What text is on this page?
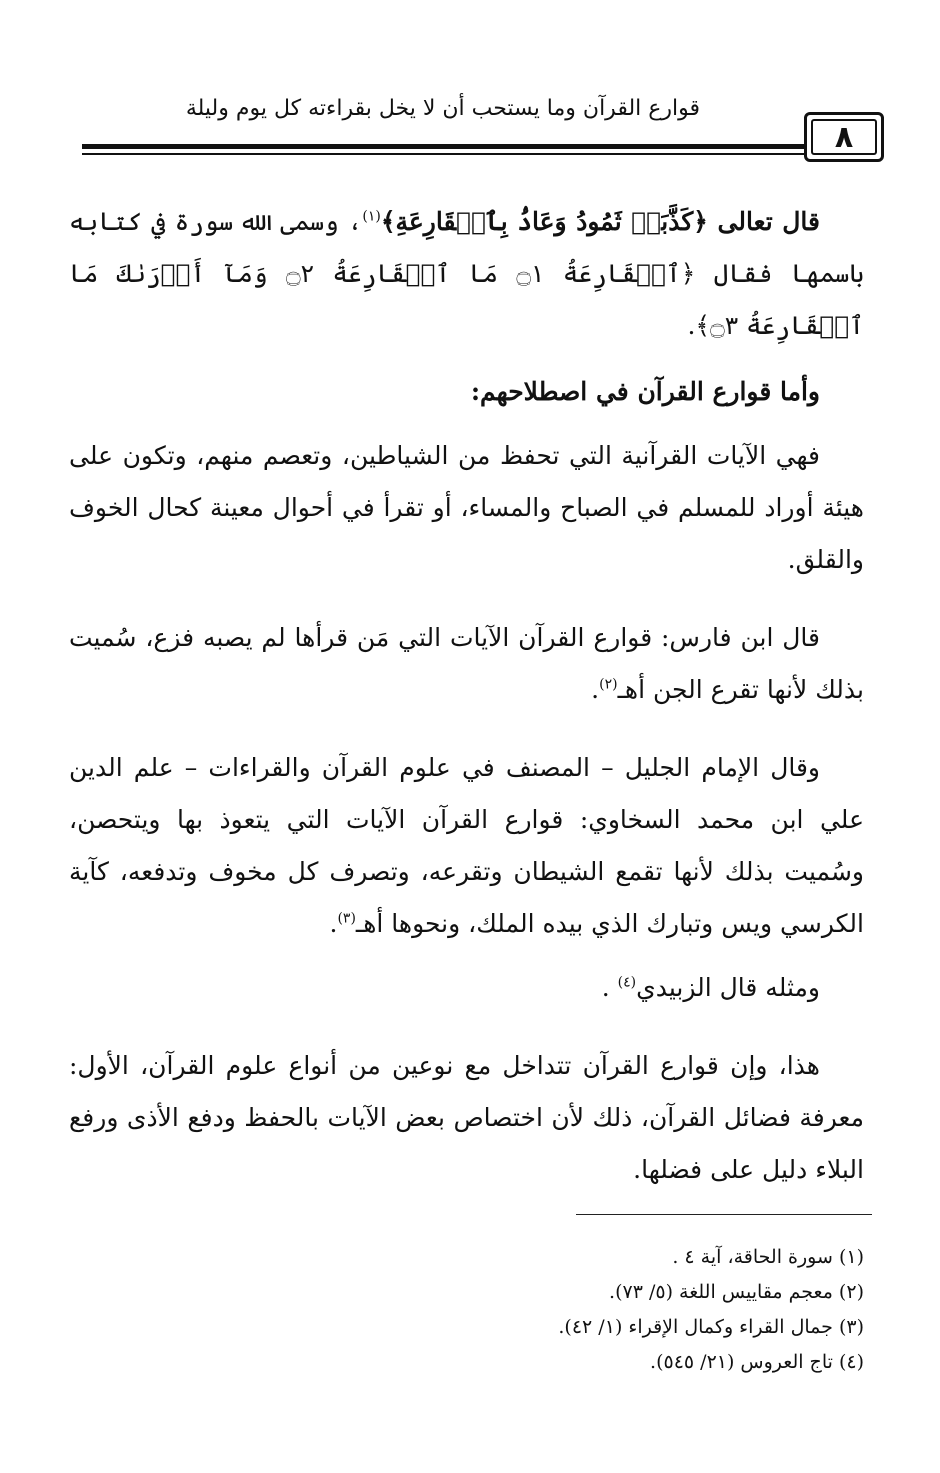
قوارع القرآن وما يستحب أن لا يخل بقراءته كل يوم وليلة
٨

قال تعالى ﴿كَذَّبَتۡ ثَمُودُ وَعَادُۢ بِٱلۡقَارِعَةِ﴾$^{(١)}$، وسمى الله سورة في كتابه باسمها فقال ﴿ٱلۡقَارِعَةُ ۝١ مَا ٱلۡقَارِعَةُ ۝٢ وَمَآ أَدۡرَىٰكَ مَا ٱلۡقَارِعَةُ ۝٣﴾.

وأما قوارع القرآن في اصطلاحهم:

فهي الآيات القرآنية التي تحفظ من الشياطين، وتعصم منهم، وتكون على هيئة أوراد للمسلم في الصباح والمساء، أو تقرأ في أحوال معينة كحال الخوف والقلق.

قال ابن فارس: قوارع القرآن الآيات التي مَن قرأها لم يصبه فزع، سُميت بذلك لأنها تقرع الجن أهـ$^{(٢)}$.

وقال الإمام الجليل – المصنف في علوم القرآن والقراءات – علم الدين علي ابن محمد السخاوي: قوارع القرآن الآيات التي يتعوذ بها ويتحصن، وسُميت بذلك لأنها تقمع الشيطان وتقرعه، وتصرف كل مخوف وتدفعه، كآية الكرسي ويس وتبارك الذي بيده الملك، ونحوها أهـ$^{(٣)}$.

ومثله قال الزبيدي$^{(٤)}$ .

هذا، وإن قوارع القرآن تتداخل مع نوعين من أنواع علوم القرآن، الأول: معرفة فضائل القرآن، ذلك لأن اختصاص بعض الآيات بالحفظ ودفع الأذى ورفع البلاء دليل على فضلها.

(١) سورة الحاقة، آية ٤ .

(٢) معجم مقاييس اللغة (٥/ ٧٣).

(٣) جمال القراء وكمال الإقراء (١/ ٤٢).

(٤) تاج العروس (٢١/ ٥٤٥).
